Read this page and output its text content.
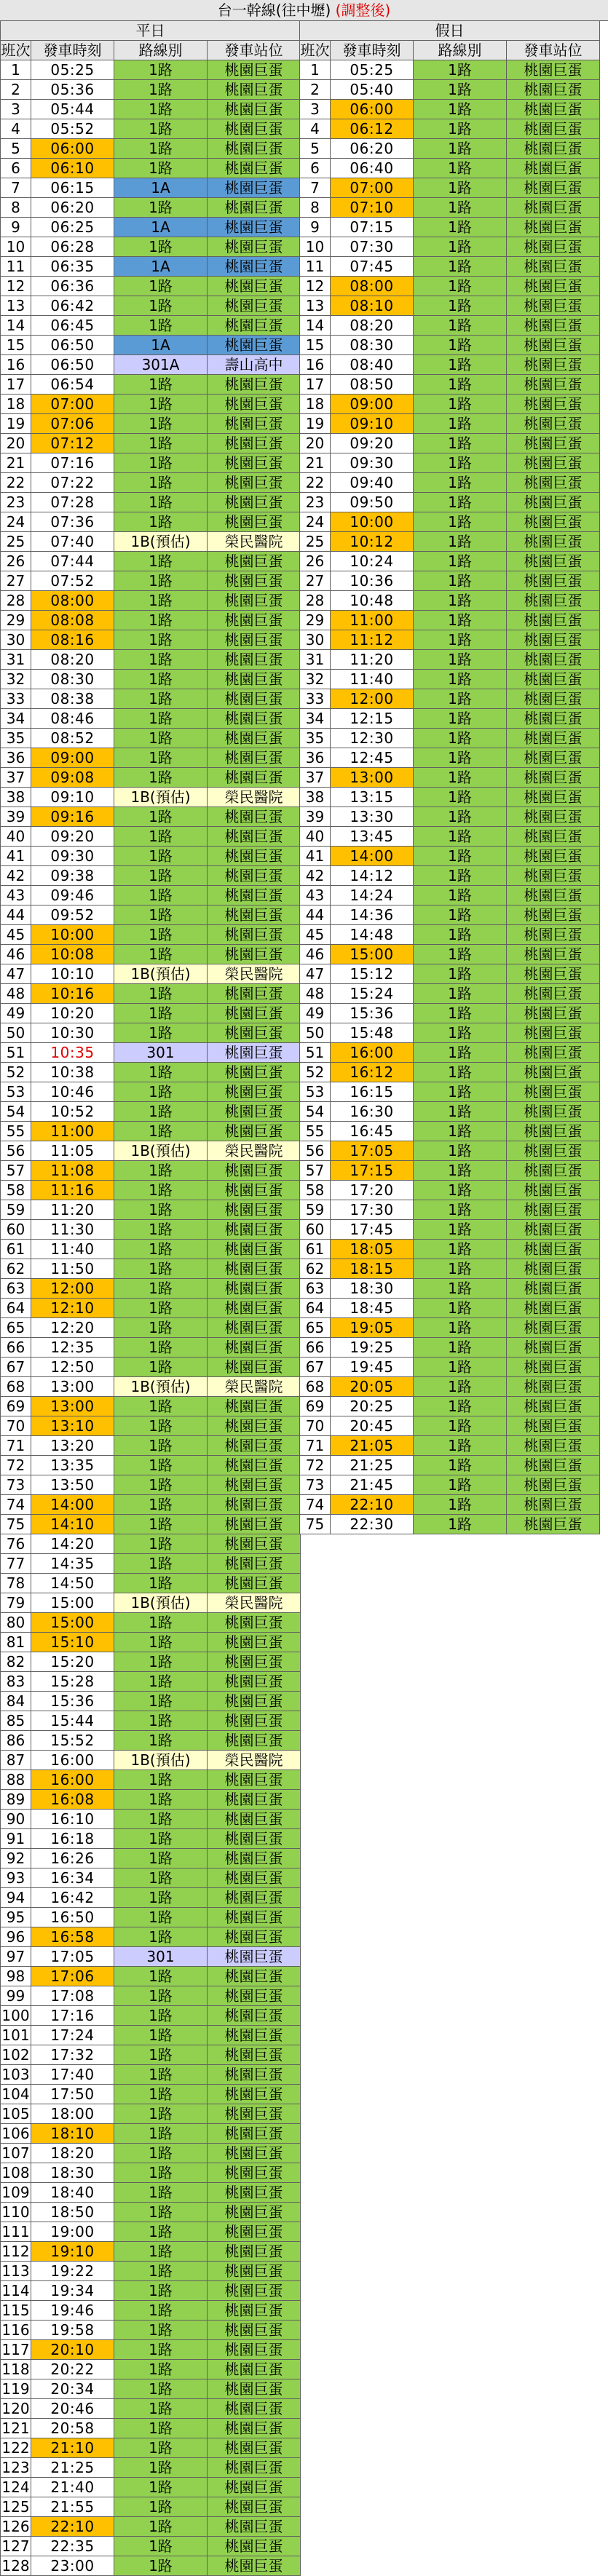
台一幹線(往中壢) (調整後)
平日			
班次	發車時刻	路線別	發車站位
1	05:25	1路	桃園巨蛋
2	05:36	1路	桃園巨蛋
3	05:44	1路	桃園巨蛋
4	05:52	1路	桃園巨蛋
5	06:00	1路	桃園巨蛋
6	06:10	1路	桃園巨蛋
7	06:15	1A	桃園巨蛋
8	06:20	1路	桃園巨蛋
9	06:25	1A	桃園巨蛋
10	06:28	1路	桃園巨蛋
11	06:35	1A	桃園巨蛋
12	06:36	1路	桃園巨蛋
13	06:42	1路	桃園巨蛋
14	06:45	1路	桃園巨蛋
15	06:50	1A	桃園巨蛋
16	06:50	301A	壽山高中
17	06:54	1路	桃園巨蛋
18	07:00	1路	桃園巨蛋
19	07:06	1路	桃園巨蛋
20	07:12	1路	桃園巨蛋
21	07:16	1路	桃園巨蛋
22	07:22	1路	桃園巨蛋
23	07:28	1路	桃園巨蛋
24	07:36	1路	桃園巨蛋
25	07:40	1B(預估)	榮民醫院
26	07:44	1路	桃園巨蛋
27	07:52	1路	桃園巨蛋
28	08:00	1路	桃園巨蛋
29	08:08	1路	桃園巨蛋
30	08:16	1路	桃園巨蛋
31	08:20	1路	桃園巨蛋
32	08:30	1路	桃園巨蛋
33	08:38	1路	桃園巨蛋
34	08:46	1路	桃園巨蛋
35	08:52	1路	桃園巨蛋
36	09:00	1路	桃園巨蛋
37	09:08	1路	桃園巨蛋
38	09:10	1B(預估)	榮民醫院
39	09:16	1路	桃園巨蛋
40	09:20	1路	桃園巨蛋
41	09:30	1路	桃園巨蛋
42	09:38	1路	桃園巨蛋
43	09:46	1路	桃園巨蛋
44	09:52	1路	桃園巨蛋
45	10:00	1路	桃園巨蛋
46	10:08	1路	桃園巨蛋
47	10:10	1B(預估)	榮民醫院
48	10:16	1路	桃園巨蛋
49	10:20	1路	桃園巨蛋
50	10:30	1路	桃園巨蛋
51	10:35	301	桃園巨蛋
52	10:38	1路	桃園巨蛋
53	10:46	1路	桃園巨蛋
54	10:52	1路	桃園巨蛋
55	11:00	1路	桃園巨蛋
56	11:05	1B(預估)	榮民醫院
57	11:08	1路	桃園巨蛋
58	11:16	1路	桃園巨蛋
59	11:20	1路	桃園巨蛋
60	11:30	1路	桃園巨蛋
61	11:40	1路	桃園巨蛋
62	11:50	1路	桃園巨蛋
63	12:00	1路	桃園巨蛋
64	12:10	1路	桃園巨蛋
65	12:20	1路	桃園巨蛋
66	12:35	1路	桃園巨蛋
67	12:50	1路	桃園巨蛋
68	13:00	1B(預估)	榮民醫院
69	13:00	1路	桃園巨蛋
70	13:10	1路	桃園巨蛋
71	13:20	1路	桃園巨蛋
72	13:35	1路	桃園巨蛋
73	13:50	1路	桃園巨蛋
74	14:00	1路	桃園巨蛋
75	14:10	1路	桃園巨蛋
76	14:20	1路	桃園巨蛋
77	14:35	1路	桃園巨蛋
78	14:50	1路	桃園巨蛋
79	15:00	1B(預估)	榮民醫院
80	15:00	1路	桃園巨蛋
81	15:10	1路	桃園巨蛋
82	15:20	1路	桃園巨蛋
83	15:28	1路	桃園巨蛋
84	15:36	1路	桃園巨蛋
85	15:44	1路	桃園巨蛋
86	15:52	1路	桃園巨蛋
87	16:00	1B(預估)	榮民醫院
88	16:00	1路	桃園巨蛋
89	16:08	1路	桃園巨蛋
90	16:10	1路	桃園巨蛋
91	16:18	1路	桃園巨蛋
92	16:26	1路	桃園巨蛋
93	16:34	1路	桃園巨蛋
94	16:42	1路	桃園巨蛋
95	16:50	1路	桃園巨蛋
96	16:58	1路	桃園巨蛋
97	17:05	301	桃園巨蛋
98	17:06	1路	桃園巨蛋
99	17:08	1路	桃園巨蛋
100	17:16	1路	桃園巨蛋
101	17:24	1路	桃園巨蛋
102	17:32	1路	桃園巨蛋
103	17:40	1路	桃園巨蛋
104	17:50	1路	桃園巨蛋
105	18:00	1路	桃園巨蛋
106	18:10	1路	桃園巨蛋
107	18:20	1路	桃園巨蛋
108	18:30	1路	桃園巨蛋
109	18:40	1路	桃園巨蛋
110	18:50	1路	桃園巨蛋
111	19:00	1路	桃園巨蛋
112	19:10	1路	桃園巨蛋
113	19:22	1路	桃園巨蛋
114	19:34	1路	桃園巨蛋
115	19:46	1路	桃園巨蛋
116	19:58	1路	桃園巨蛋
117	20:10	1路	桃園巨蛋
118	20:22	1路	桃園巨蛋
119	20:34	1路	桃園巨蛋
120	20:46	1路	桃園巨蛋
121	20:58	1路	桃園巨蛋
122	21:10	1路	桃園巨蛋
123	21:25	1路	桃園巨蛋
124	21:40	1路	桃園巨蛋
125	21:55	1路	桃園巨蛋
126	22:10	1路	桃園巨蛋
127	22:35	1路	桃園巨蛋
128	23:00	1路	桃園巨蛋
假日			
班次	發車時刻	路線別	發車站位
1	05:25	1路	桃園巨蛋
2	05:40	1路	桃園巨蛋
3	06:00	1路	桃園巨蛋
4	06:12	1路	桃園巨蛋
5	06:20	1路	桃園巨蛋
6	06:40	1路	桃園巨蛋
7	07:00	1路	桃園巨蛋
8	07:10	1路	桃園巨蛋
9	07:15	1路	桃園巨蛋
10	07:30	1路	桃園巨蛋
11	07:45	1路	桃園巨蛋
12	08:00	1路	桃園巨蛋
13	08:10	1路	桃園巨蛋
14	08:20	1路	桃園巨蛋
15	08:30	1路	桃園巨蛋
16	08:40	1路	桃園巨蛋
17	08:50	1路	桃園巨蛋
18	09:00	1路	桃園巨蛋
19	09:10	1路	桃園巨蛋
20	09:20	1路	桃園巨蛋
21	09:30	1路	桃園巨蛋
22	09:40	1路	桃園巨蛋
23	09:50	1路	桃園巨蛋
24	10:00	1路	桃園巨蛋
25	10:12	1路	桃園巨蛋
26	10:24	1路	桃園巨蛋
27	10:36	1路	桃園巨蛋
28	10:48	1路	桃園巨蛋
29	11:00	1路	桃園巨蛋
30	11:12	1路	桃園巨蛋
31	11:20	1路	桃園巨蛋
32	11:40	1路	桃園巨蛋
33	12:00	1路	桃園巨蛋
34	12:15	1路	桃園巨蛋
35	12:30	1路	桃園巨蛋
36	12:45	1路	桃園巨蛋
37	13:00	1路	桃園巨蛋
38	13:15	1路	桃園巨蛋
39	13:30	1路	桃園巨蛋
40	13:45	1路	桃園巨蛋
41	14:00	1路	桃園巨蛋
42	14:12	1路	桃園巨蛋
43	14:24	1路	桃園巨蛋
44	14:36	1路	桃園巨蛋
45	14:48	1路	桃園巨蛋
46	15:00	1路	桃園巨蛋
47	15:12	1路	桃園巨蛋
48	15:24	1路	桃園巨蛋
49	15:36	1路	桃園巨蛋
50	15:48	1路	桃園巨蛋
51	16:00	1路	桃園巨蛋
52	16:12	1路	桃園巨蛋
53	16:15	1路	桃園巨蛋
54	16:30	1路	桃園巨蛋
55	16:45	1路	桃園巨蛋
56	17:05	1路	桃園巨蛋
57	17:15	1路	桃園巨蛋
58	17:20	1路	桃園巨蛋
59	17:30	1路	桃園巨蛋
60	17:45	1路	桃園巨蛋
61	18:05	1路	桃園巨蛋
62	18:15	1路	桃園巨蛋
63	18:30	1路	桃園巨蛋
64	18:45	1路	桃園巨蛋
65	19:05	1路	桃園巨蛋
66	19:25	1路	桃園巨蛋
67	19:45	1路	桃園巨蛋
68	20:05	1路	桃園巨蛋
69	20:25	1路	桃園巨蛋
70	20:45	1路	桃園巨蛋
71	21:05	1路	桃園巨蛋
72	21:25	1路	桃園巨蛋
73	21:45	1路	桃園巨蛋
74	22:10	1路	桃園巨蛋
75	22:30	1路	桃園巨蛋
